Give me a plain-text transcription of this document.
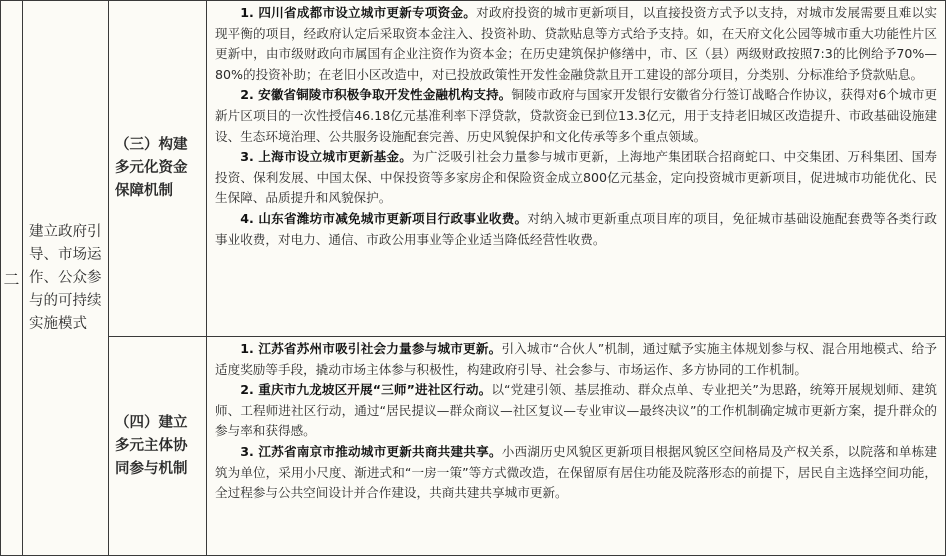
二	建立政府引导、市场运作、公众参与的可持续实施模式	（三）构建多元化资金保障机制	1. 四川省成都市设立城市更新专项资金。对政府投资的城市更新项目，以直接投资方式予以支持，对城市发展需要且难以实现平衡的项目，经政府认定后采取资本金注入、投资补助、贷款贴息等方式给予支持。如，在天府文化公园等城市重大功能性片区更新中，由市级财政向市属国有企业注资作为资本金；在历史建筑保护修缮中，市、区（县）两级财政按照7:3的比例给予70%—80%的投资补助；在老旧小区改造中，对已投放政策性开发性金融贷款且开工建设的部分项目，分类别、分标准给予贷款贴息。

2. 安徽省铜陵市积极争取开发性金融机构支持。铜陵市政府与国家开发银行安徽省分行签订战略合作协议，获得对6个城市更新片区项目的一次性授信46.18亿元基准利率下浮贷款，贷款资金已到位13.3亿元，用于支持老旧城区改造提升、市政基础设施建设、生态环境治理、公共服务设施配套完善、历史风貌保护和文化传承等多个重点领域。

3. 上海市设立城市更新基金。为广泛吸引社会力量参与城市更新，上海地产集团联合招商蛇口、中交集团、万科集团、国寿投资、保利发展、中国太保、中保投资等多家房企和保险资金成立800亿元基金，定向投资城市更新项目，促进城市功能优化、民生保障、品质提升和风貌保护。

4. 山东省潍坊市减免城市更新项目行政事业收费。对纳入城市更新重点项目库的项目，免征城市基础设施配套费等各类行政事业收费，对电力、通信、市政公用事业等企业适当降低经营性收费。

		（四）建立多元主体协同参与机制	1. 江苏省苏州市吸引社会力量参与城市更新。引入城市“合伙人”机制，通过赋予实施主体规划参与权、混合用地模式、给予适度奖励等手段，撬动市场主体参与积极性，构建政府引导、社会参与、市场运作、多方协同的工作机制。

2. 重庆市九龙坡区开展“三师”进社区行动。以“党建引领、基层推动、群众点单、专业把关”为思路，统筹开展规划师、建筑师、工程师进社区行动，通过“居民提议—群众商议—社区复议—专业审议—最终决议”的工作机制确定城市更新方案，提升群众的参与率和获得感。

3. 江苏省南京市推动城市更新共商共建共享。小西湖历史风貌区更新项目根据风貌区空间格局及产权关系，以院落和单栋建筑为单位，采用小尺度、渐进式和“一房一策”等方式微改造，在保留原有居住功能及院落形态的前提下，居民自主选择空间功能，全过程参与公共空间设计并合作建设，共商共建共享城市更新。
